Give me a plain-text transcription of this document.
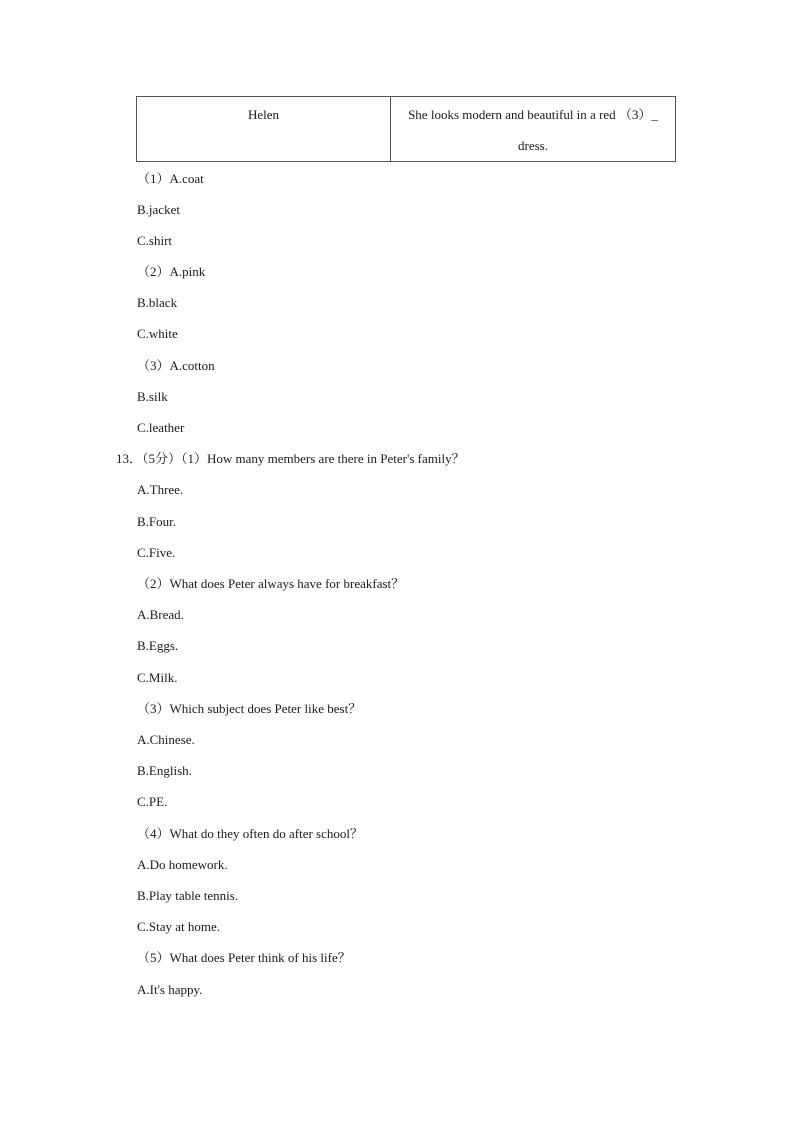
Helen	She looks modern and beautiful in a red （3）_
dress.
（1）A.coat
B.jacket
C.shirt
（2）A.pink
B.black
C.white
（3）A.cotton
B.silk
C.leather
13．（5分）（1）How many members are there in Peter's family？
A.Three.
B.Four.
C.Five.
（2）What does Peter always have for breakfast？
A.Bread.
B.Eggs.
C.Milk.
（3）Which subject does Peter like best？
A.Chinese.
B.English.
C.PE.
（4）What do they often do after school？
A.Do homework.
B.Play table tennis.
C.Stay at home.
（5）What does Peter think of his life？
A.It's happy.
